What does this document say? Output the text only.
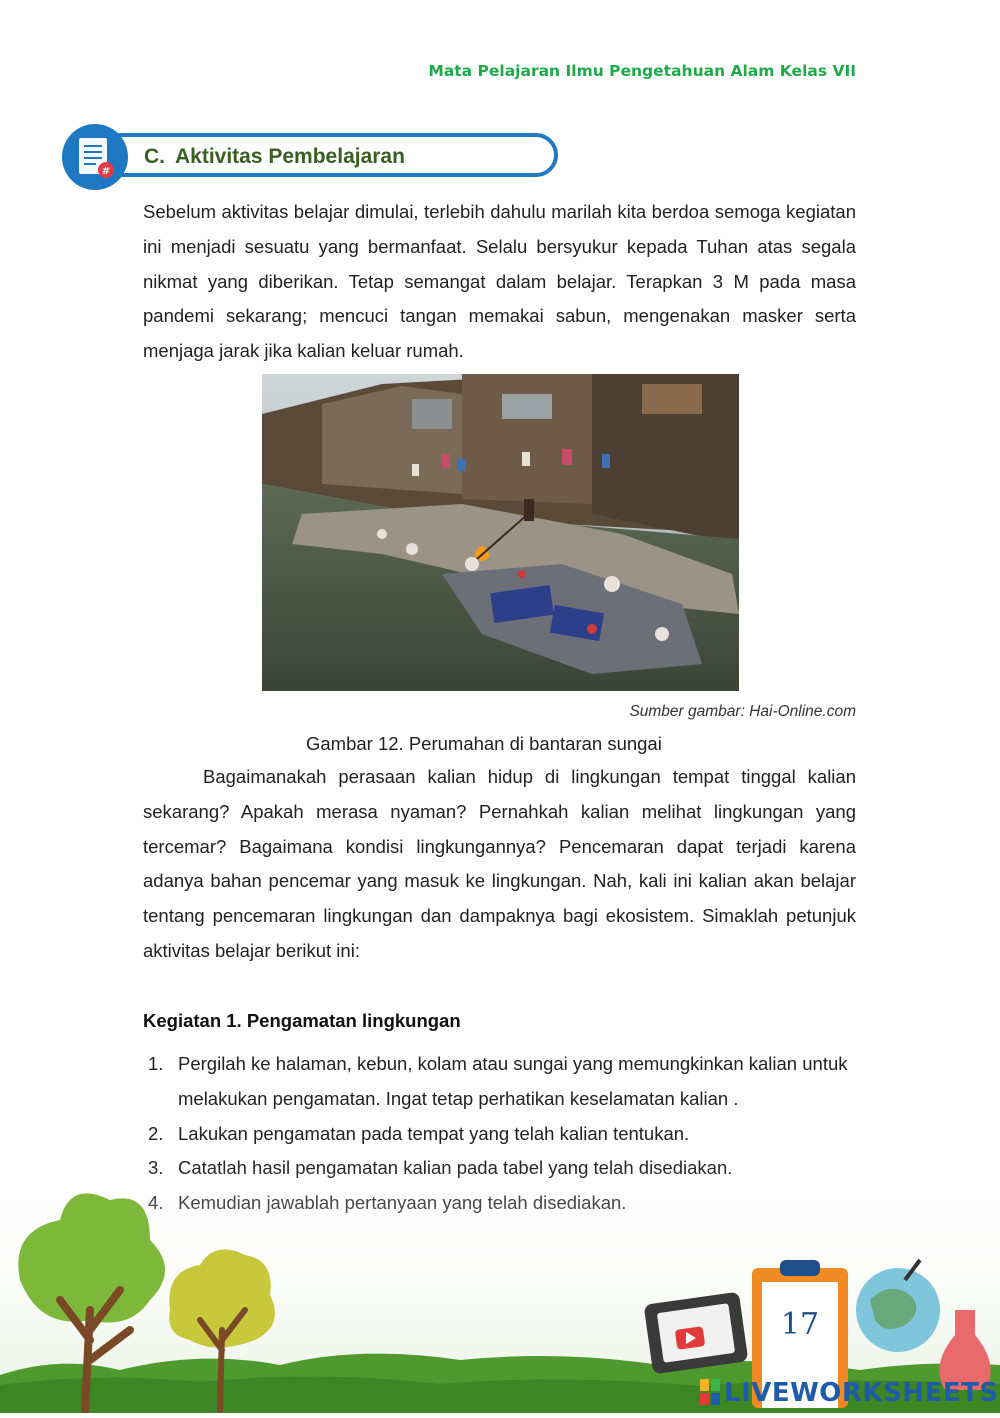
Mata Pelajaran Ilmu Pengetahuan Alam Kelas VII
#
C. Aktivitas Pembelajaran
Sebelum aktivitas belajar dimulai, terlebih dahulu marilah kita berdoa semoga kegiatan ini menjadi sesuatu yang bermanfaat. Selalu bersyukur kepada Tuhan atas segala nikmat yang diberikan. Tetap semangat dalam belajar. Terapkan 3 M pada masa pandemi sekarang; mencuci tangan memakai sabun, mengenakan masker serta menjaga jarak jika kalian keluar rumah.
Sumber gambar: Hai-Online.com
Gambar 12. Perumahan di bantaran sungai
Bagaimanakah perasaan kalian hidup di lingkungan tempat tinggal kalian sekarang? Apakah merasa nyaman? Pernahkah kalian melihat lingkungan yang tercemar? Bagaimana kondisi lingkungannya? Pencemaran dapat terjadi karena adanya bahan pencemar yang masuk ke lingkungan. Nah, kali ini kalian akan belajar tentang pencemaran lingkungan dan dampaknya bagi ekosistem. Simaklah petunjuk aktivitas belajar berikut ini:
Kegiatan 1. Pengamatan lingkungan
1. Pergilah ke halaman, kebun, kolam atau sungai yang memungkinkan kalian untuk melakukan pengamatan. Ingat tetap perhatikan keselamatan kalian .
2. Lakukan pengamatan pada tempat yang telah kalian tentukan.
17
LIVEWORKSHEETS
